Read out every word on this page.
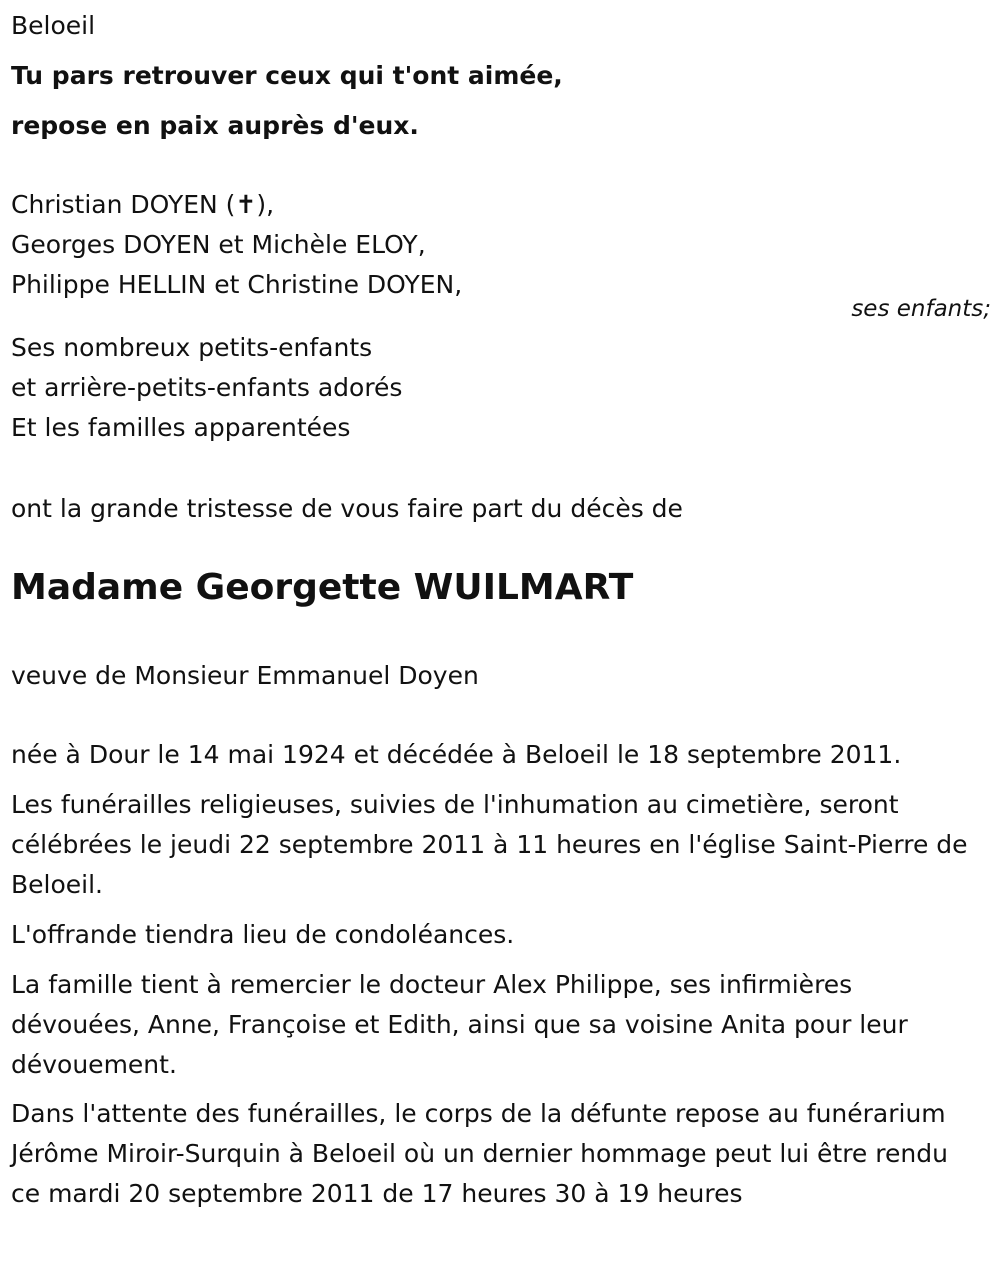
Beloeil

Tu pars retrouver ceux qui t'ont aimée,

repose en paix auprès d'eux.

Christian DOYEN (✝),

Georges DOYEN et Michèle ELOY,

Philippe HELLIN et Christine DOYEN,

ses enfants;

Ses nombreux petits-enfants

et arrière-petits-enfants adorés

Et les familles apparentées

ont la grande tristesse de vous faire part du décès de

Madame Georgette WUILMART

veuve de Monsieur Emmanuel Doyen

née à Dour le 14 mai 1924 et décédée à Beloeil le 18 septembre 2011.

Les funérailles religieuses, suivies de l'inhumation au cimetière, seront célébrées le jeudi 22 septembre 2011 à 11 heures en l'église Saint-Pierre de Beloeil.

L'offrande tiendra lieu de condoléances.

La famille tient à remercier le docteur Alex Philippe, ses infirmières dévouées, Anne, Françoise et Edith, ainsi que sa voisine Anita pour leur dévouement.

Dans l'attente des funérailles, le corps de la défunte repose au funérarium Jérôme Miroir-Surquin à Beloeil où un dernier hommage peut lui être rendu ce mardi 20 septembre 2011 de 17 heures 30 à 19 heures
